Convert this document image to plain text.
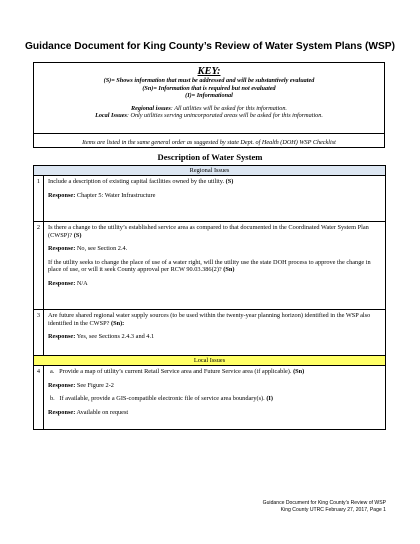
Guidance Document for King County’s Review of Water System Plans (WSP)
KEY:
(S)= Shows information that must be addressed and will be substantively evaluated
(Sn)= Information that is required but not evaluated
(I)= Informational
Regional issues: All utilities will be asked for this information.
Local Issues: Only utilities serving unincorporated areas will be asked for this information.
Items are listed in the same general order as suggested by state Dept. of Health (DOH) WSP Checklist
Description of Water System
Regional Issues	
1	Include a description of existing capital facilities owned by the utility. (S)
Response: Chapter 5: Water Infrastructure

2	Is there a change to the utility’s established service area as compared to that documented in the Coordinated Water System Plan (CWSP)? (S)
Response: No, see Section 2.4.
If the utility seeks to change the place of use of a water right, will the utility use the state DOH process to approve the change in place of use, or will it seek County approval per RCW 90.03.386(2)? (Sn)
Response: N/A

3	Are future shared regional water supply sources (to be used within the twenty-year planning horizon) identified in the WSP also identified in the CWSP? (Sn):
Response: Yes, see Sections 2.4.3 and 4.1

Local Issues	
4	a. Provide a map of utility’s current Retail Service area and Future Service area (if applicable). (Sn)
Response: See Figure 2-2
b. If available, provide a GIS-compatible electronic file of service area boundary(s). (I)
Response: Available on request
Guidance Document for King County’s Review of WSP
King County UTRC February 27, 2017, Page 1
